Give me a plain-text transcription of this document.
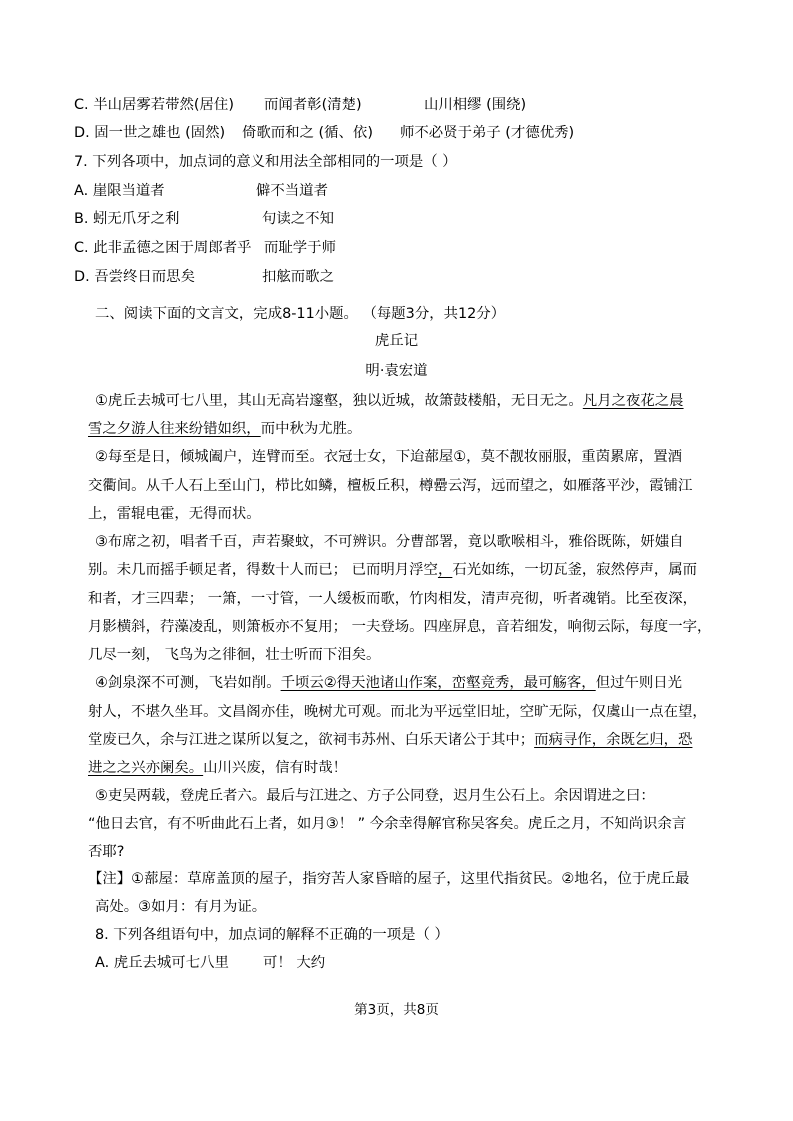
C. 半山居雾若带然(居住) 而闻者彰(清楚)	山川相缪 (围绕)
D. 固一世之雄也 (固然) 倚歌而和之 (循、依) 师不必贤于弟子 (才德优秀)
7. 下列各项中，加点词的意义和用法全部相同的一项是（ ）
A. 崖限当道者	僻不当道者
B. 蚓无爪牙之利	句读之不知
C. 此非孟德之困于周郎者乎 而耻学于师
D. 吾尝终日而思矣	扣舷而歌之
二、阅读下面的文言文，完成8-11小题。 （每题3分，共12分）
虎丘记
明·袁宏道
①虎丘去城可七八里，其山无高岩邃壑，独以近城，故箫鼓楼船，无日无之。凡月之夜花之晨
雪之夕游人往来纷错如织，而中秋为尤胜。
②每至是日，倾城阖户，连臂而至。衣冠士女，下迨蔀屋①，莫不靓妆丽服，重茵累席，置酒
交衢间。从千人石上至山门，栉比如鳞，檀板丘积，樽罍云泻，远而望之，如雁落平沙，霞铺江
上，雷辊电霍，无得而状。
③布席之初，唱者千百，声若聚蚊，不可辨识。分曹部署，竟以歌喉相斗，雅俗既陈，妍媸自
别。未几而摇手顿足者，得数十人而已； 已而明月浮空，石光如练，一切瓦釜，寂然停声，属而
和者，才三四辈； 一箫，一寸管，一人缓板而歌，竹肉相发，清声亮彻，听者魂销。比至夜深，
月影横斜，荇藻凌乱，则箫板亦不复用； 一夫登场。四座屏息，音若细发，响彻云际，每度一字，
几尽一刻， 飞鸟为之徘徊，壮士听而下泪矣。
④剑泉深不可测，飞岩如削。千顷云②得天池诸山作案，峦壑竞秀，最可觞客，但过午则日光
射人，不堪久坐耳。文昌阁亦佳，晚树尤可观。而北为平远堂旧址，空旷无际，仅虞山一点在望，
堂废已久，余与江进之谋所以复之，欲祠韦苏州、白乐天诸公于其中；而病寻作，余既乞归，恐
进之之兴亦阑矣。山川兴废，信有时哉！
⑤吏吴两载，登虎丘者六。最后与江进之、方子公同登，迟月生公石上。余因谓进之曰：
“他日去官，有不听曲此石上者，如月③！ ” 今余幸得解官称吴客矣。虎丘之月，不知尚识余言
否耶?
【注】①蔀屋：草席盖顶的屋子，指穷苦人家昏暗的屋子，这里代指贫民。②地名，位于虎丘最
高处。③如月：有月为证。
8. 下列各组语句中，加点词的解释不正确的一项是（ ）
A. 虎丘去城可七八里 可！ 大约
第3页，共8页
